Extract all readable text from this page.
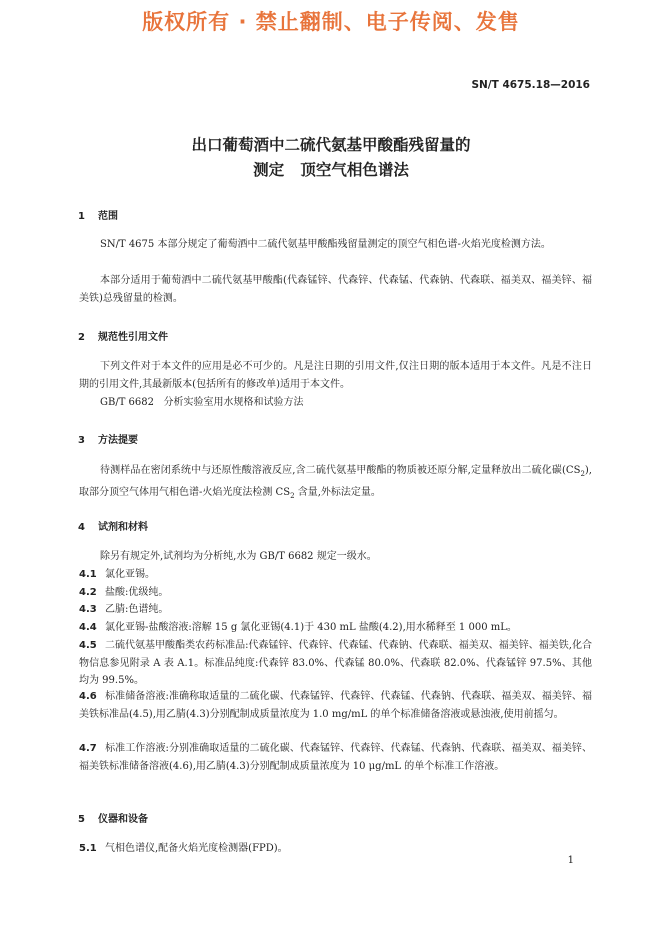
版权所有 · 禁止翻制、电子传阅、发售
SN/T 4675.18—2016
出口葡萄酒中二硫代氨基甲酸酯残留量的
测定   顶空气相色谱法
1 范围
SN/T 4675 本部分规定了葡萄酒中二硫代氨基甲酸酯残留量测定的顶空气相色谱-火焰光度检测方法。
本部分适用于葡萄酒中二硫代氨基甲酸酯(代森锰锌、代森锌、代森锰、代森钠、代森联、福美双、福美锌、福美铁)总残留量的检测。
2 规范性引用文件
下列文件对于本文件的应用是必不可少的。凡是注日期的引用文件,仅注日期的版本适用于本文件。凡是不注日期的引用文件,其最新版本(包括所有的修改单)适用于本文件。
GB/T 6682   分析实验室用水规格和试验方法
3 方法提要
待测样品在密闭系统中与还原性酸溶液反应,含二硫代氨基甲酸酯的物质被还原分解,定量释放出二硫化碳$(CS_2)$,取部分顶空气体用气相色谱-火焰光度法检测 $CS_2$ 含量,外标法定量。
4 试剂和材料
除另有规定外,试剂均为分析纯,水为 GB/T 6682 规定一级水。
4.1 氯化亚锡。
4.2 盐酸:优级纯。
4.3 乙腈:色谱纯。
4.4 氯化亚锡-盐酸溶液:溶解 15 g 氯化亚锡(4.1)于 430 mL 盐酸(4.2),用水稀释至 1 000 mL。
4.5 二硫代氨基甲酸酯类农药标准品:代森锰锌、代森锌、代森锰、代森钠、代森联、福美双、福美锌、福美铁,化合物信息参见附录 A 表 A.1。标准品纯度:代森锌 83.0%、代森锰 80.0%、代森联 82.0%、代森锰锌 97.5%、其他均为 99.5%。
4.6 标准储备溶液:准确称取适量的二硫化碳、代森锰锌、代森锌、代森锰、代森钠、代森联、福美双、福美锌、福美铁标准品(4.5),用乙腈(4.3)分别配制成质量浓度为 1.0 mg/mL 的单个标准储备溶液或悬浊液,使用前摇匀。
4.7 标准工作溶液:分别准确取适量的二硫化碳、代森锰锌、代森锌、代森锰、代森钠、代森联、福美双、福美锌、福美铁标准储备溶液(4.6),用乙腈(4.3)分别配制成质量浓度为 10 μg/mL 的单个标准工作溶液。
5 仪器和设备
5.1 气相色谱仪,配备火焰光度检测器(FPD)。
1
